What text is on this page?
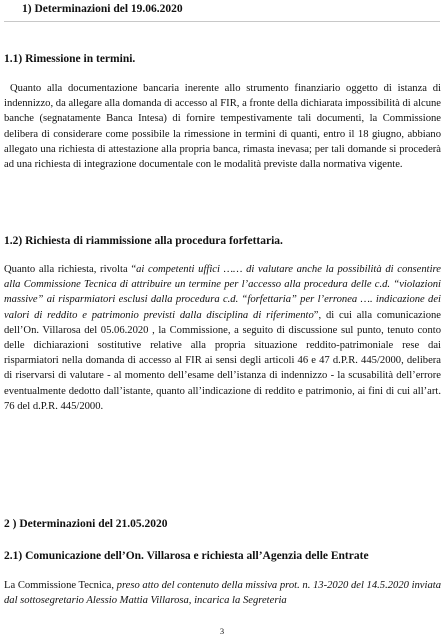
1) Determinazioni del 19.06.2020
1.1) Rimessione in termini.
Quanto alla documentazione bancaria inerente allo strumento finanziario oggetto di istanza di indennizzo, da allegare alla domanda di accesso al FIR, a fronte della dichiarata impossibilità di alcune banche (segnatamente Banca Intesa) di fornire tempestivamente tali documenti, la Commissione delibera di considerare come possibile la rimessione in termini di quanti, entro il 18 giugno, abbiano allegato una richiesta di attestazione alla propria banca, rimasta inevasa; per tali domande si procederà ad una richiesta di integrazione documentale con le modalità previste dalla normativa vigente.
1.2) Richiesta di riammissione alla procedura forfettaria.
Quanto alla richiesta, rivolta “ai competenti uffici …… di valutare anche la possibilità di consentire alla Commissione Tecnica di attribuire un termine per l’accesso alla procedura delle c.d. “violazioni massive” ai risparmiatori esclusi dalla procedura c.d. “forfettaria” per l’erronea …. indicazione dei valori di reddito e patrimonio previsti dalla disciplina di riferimento”, di cui alla comunicazione dell’On. Villarosa del 05.06.2020 , la Commissione, a seguito di discussione sul punto, tenuto conto delle dichiarazioni sostitutive relative alla propria situazione reddito-patrimoniale rese dai risparmiatori nella domanda di accesso al FIR ai sensi degli articoli 46 e 47 d.P.R. 445/2000, delibera di riservarsi di valutare - al momento dell’esame dell’istanza di indennizzo - la scusabilità dell’errore eventualmente dedotto dall’istante, quanto all’indicazione di reddito e patrimonio, ai fini di cui all’art. 76 del d.P.R. 445/2000.
2 ) Determinazioni del 21.05.2020
2.1) Comunicazione dell’On. Villarosa e richiesta all’Agenzia delle Entrate
La Commissione Tecnica, preso atto del contenuto della missiva prot. n. 13-2020 del 14.5.2020 inviata dal sottosegretario Alessio Mattia Villarosa, incarica la Segreteria
3
